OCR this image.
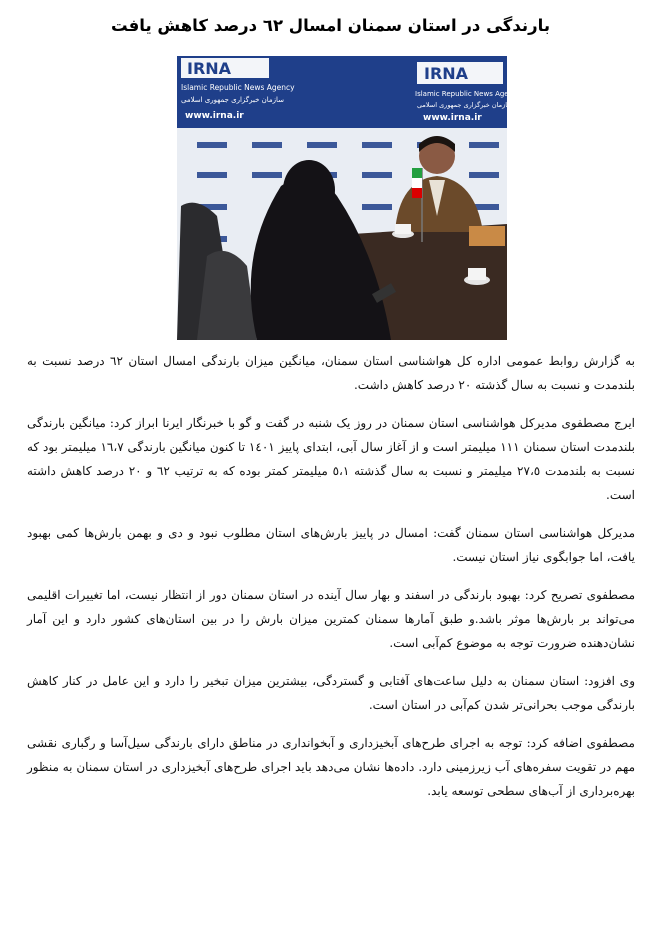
بارندگی در استان سمنان امسال ٦٢ درصد کاهش یافت
IRNA
Islamic Republic News Agency
سازمان خبرگزاری جمهوری اسلامی
www.irna.ir
IRNA
Islamic Republic News Agency
سازمان خبرگزاری جمهوری اسلامی
www.irna.ir

به گزارش روابط عمومی اداره کل هواشناسی استان سمنان، میانگین میزان بارندگی امسال استان ٦٢ درصد نسبت به بلندمدت و نسبت به سال گذشته ٢٠ درصد کاهش داشت.

ایرج مصطفوی مدیرکل هواشناسی استان سمنان در روز یک شنبه در گفت و گو با خبرنگار ایرنا ابراز کرد: میانگین بارندگی بلندمدت استان سمنان ١١١ میلیمتر است و از آغاز سال آبی، ابتدای پاییز ١٤٠١ تا کنون میانگین بارندگی ١٦،٧ میلیمتر بود که نسبت به بلندمدت ٢٧،٥ میلیمتر و نسبت به سال گذشته ٥،١ میلیمتر کمتر بوده که به ترتیب ٦٢ و ٢٠ درصد کاهش داشته است.

مدیرکل هواشناسی استان سمنان گفت: امسال در پاییز بارش‌های استان مطلوب نبود و دی و بهمن بارش‌ها کمی بهبود یافت، اما جوابگوی نیاز استان نیست.

مصطفوی تصریح کرد: بهبود بارندگی در اسفند و بهار سال آینده در استان سمنان دور از انتظار نیست، اما تغییرات اقلیمی می‌تواند بر بارش‌ها موثر باشد.و طبق آمارها سمنان کمترین میزان بارش را در بین استان‌های کشور دارد و این آمار نشان‌دهنده ضرورت توجه به موضوع کم‌آبی است.

وی افزود: استان سمنان به دلیل ساعت‌های آفتابی و گستردگی، بیشترین میزان تبخیر را دارد و این عامل در کنار کاهش بارندگی موجب بحرانی‌تر شدن کم‌آبی در استان است.

مصطفوی اضافه کرد: توجه به اجرای طرح‌های آبخیزداری و آبخوانداری در مناطق دارای بارندگی سیل‌آسا و رگباری نقشی مهم در تقویت سفره‌های آب زیرزمینی دارد. داده‌ها نشان می‌دهد باید اجرای طرح‌های آبخیزداری در استان سمنان به منظور بهره‌برداری از آب‌های سطحی توسعه یابد.
